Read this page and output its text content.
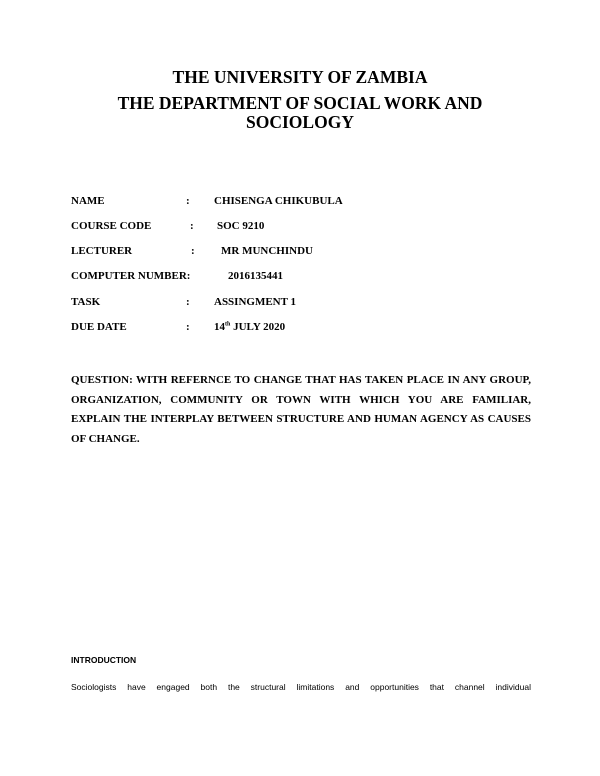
THE UNIVERSITY OF ZAMBIA
THE DEPARTMENT OF SOCIAL WORK AND SOCIOLOGY
NAME	: CHISENGA CHIKUBULA
COURSE CODE	: SOC 9210
LECTURER	: MR MUNCHINDU
COMPUTER NUMBER:	2016135441
TASK	: ASSINGMENT 1
DUE DATE	: 14th JULY 2020
QUESTION: WITH REFERNCE TO CHANGE THAT HAS TAKEN PLACE IN ANY GROUP, ORGANIZATION, COMMUNITY OR TOWN WITH WHICH YOU ARE FAMILIAR, EXPLAIN THE INTERPLAY BETWEEN STRUCTURE AND HUMAN AGENCY AS CAUSES OF CHANGE.
INTRODUCTION
Sociologists have engaged both the structural limitations and opportunities that channel individual
